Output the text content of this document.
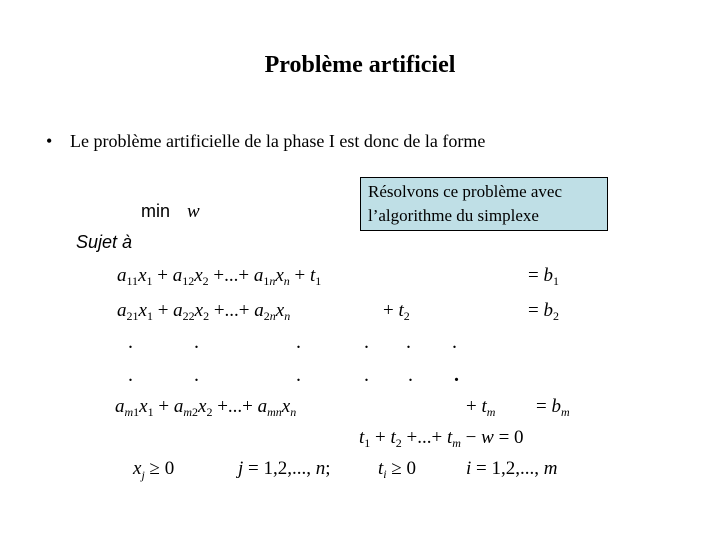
Problème artificiel
• Le problème artificielle de la phase I est donc de la forme
Résolvons ce problème avec
l’algorithme du simplexe
min w
Sujet à
$a_{11}x_1 + a_{12}x_2$ +...+ $a_1nx_n + t_1$	= $b_1$
$a_{21}x_1 + a_{22}x_2$ +...+ $a_2nx_n$	+ $t_2$	= $b_2$
.	.	.	. . .
.	.	.	. . .
$a_m1x_1 + a_m2x_2$ +...+ $a_{mn}x_n$	+ $t_m = b_m$
$t_1 + t_2$ +...+ $t_m - w = 0$
$x_j \ge 0$	j = 1,2,..., n; $t_i \ge 0$	i = 1,2,..., m
